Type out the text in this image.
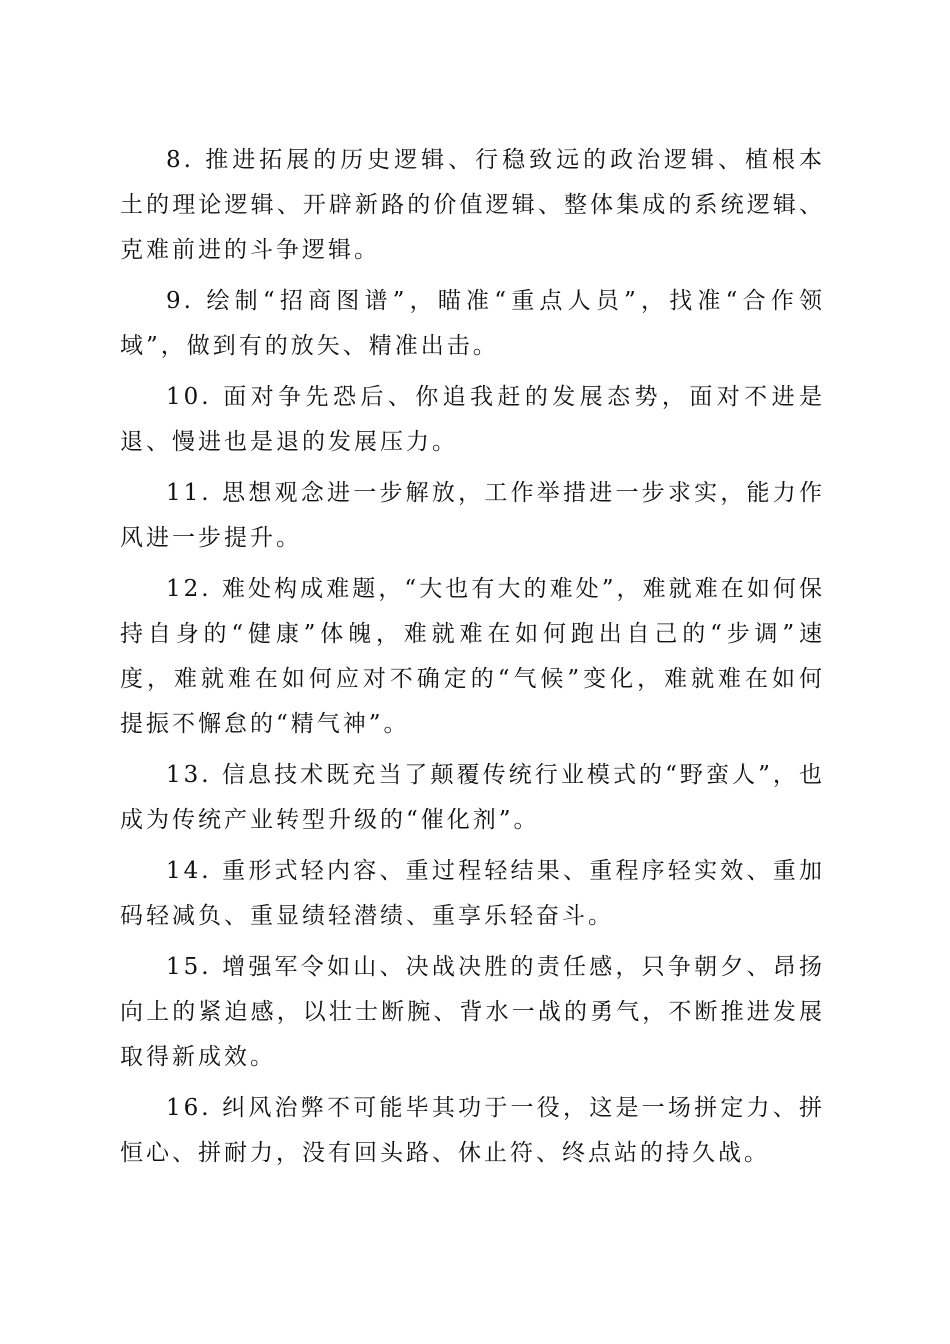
8. 推进拓展的历史逻辑、行稳致远的政治逻辑、植根本土的理论逻辑、开辟新路的价值逻辑、整体集成的系统逻辑、克难前进的斗争逻辑。

9. 绘制“招商图谱”，瞄准“重点人员”，找准“合作领域”，做到有的放矢、精准出击。

10. 面对争先恐后、你追我赶的发展态势，面对不进是退、慢进也是退的发展压力。

11. 思想观念进一步解放，工作举措进一步求实，能力作风进一步提升。

12. 难处构成难题，“大也有大的难处”，难就难在如何保持自身的“健康”体魄，难就难在如何跑出自己的“步调”速度，难就难在如何应对不确定的“气候”变化，难就难在如何提振不懈怠的“精气神”。

13. 信息技术既充当了颠覆传统行业模式的“野蛮人”，也成为传统产业转型升级的“催化剂”。

14. 重形式轻内容、重过程轻结果、重程序轻实效、重加码轻减负、重显绩轻潜绩、重享乐轻奋斗。

15. 增强军令如山、决战决胜的责任感，只争朝夕、昂扬向上的紧迫感，以壮士断腕、背水一战的勇气，不断推进发展取得新成效。

16. 纠风治弊不可能毕其功于一役，这是一场拼定力、拼恒心、拼耐力，没有回头路、休止符、终点站的持久战。
